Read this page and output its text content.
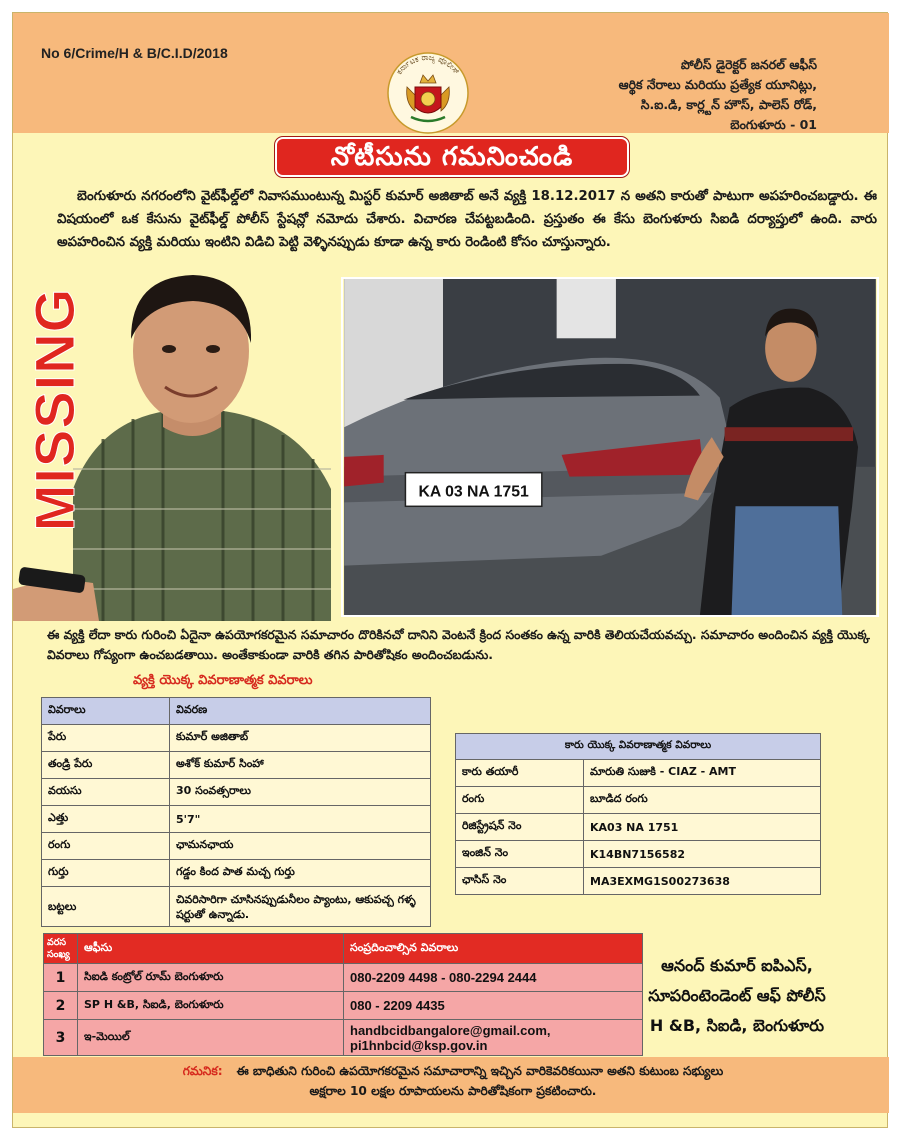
No 6/Crime/H & B/C.I.D/2018
ಕರ್ನಾಟಕ ರಾಜ್ಯ ಪೊಲೀಸ್	పోలీస్ డైరెక్టర్ జనరల్ ఆఫీస్
ఆర్థిక నేరాలు మరియు ప్రత్యేక యూనిట్లు,
సి.ఐ.డి, కార్ల్టన్ హౌస్, పాలెస్ రోడ్,
బెంగుళూరు - 01
నోటీసును గమనించండి
బెంగుళూరు నగరంలోని వైట్‌ఫీల్డ్‌లో నివాసముంటున్న మిస్టర్ కుమార్ అజితాబ్ అనే వ్యక్తి 18.12.2017 న అతని కారుతో పాటుగా అపహరించబడ్డారు. ఈ విషయంలో ఒక కేసును వైట్‌ఫీల్డ్ పోలీస్ స్టేషన్లో నమోదు చేశారు. విచారణ చేపట్టబడింది. ప్రస్తుతం ఈ కేసు బెంగుళూరు సిఐడి దర్యాప్తులో ఉంది. వారు అపహరించిన వ్యక్తి మరియు ఇంటిని విడిచి పెట్టి వెళ్ళినప్పుడు కూడా ఉన్న కారు రెండింటి కోసం చూస్తున్నారు.
MISSING	KA 03 NA 1751
ఈ వ్యక్తి లేదా కారు గురించి ఏదైనా ఉపయోగకరమైన సమాచారం దొరికినచో దానిని వెంటనే క్రింద సంతకం ఉన్న వారికి తెలియచేయవచ్చు. సమాచారం అందించిన వ్యక్తి యొక్క వివరాలు గోప్యంగా ఉంచబడతాయి. అంతేకాకుండా వారికి తగిన పారితోషికం అందించబడును.
వ్యక్తి యొక్క వివరాణాత్మక వివరాలు
వివరాలు	వివరణ
పేరు	కుమార్ అజితాబ్
తండ్రి పేరు	అశోక్ కుమార్ సింహా
వయసు	30 సంవత్సరాలు
ఎత్తు	5'7"
రంగు	ఛామనఛాయ
గుర్తు	గడ్డం కింద పాత మచ్చ గుర్తు
బట్టలు	చివరిసారిగా చూసినప్పుడునీలం ప్యాంటు, ఆకుపచ్చ గళ్ళ షర్టుతో ఉన్నాడు.
కారు యొక్క వివరాణాత్మక వివరాలు	
కారు తయారీ	మారుతి సుజుకి - CIAZ - AMT
రంగు	బూడిద రంగు
రిజిస్ట్రేషన్ నెం	KA03 NA 1751
ఇంజిన్ నెం	K14BN7156582
ఛాసిస్ నెం	MA3EXMG1S00273638
వరస సంఖ్య	ఆఫీసు	సంప్రదించాల్సిన వివరాలు
1	సిఐడి కంట్రోల్ రూమ్ బెంగుళూరు	080-2209 4498 - 080-2294 2444
2	SP H &B, సిఐడి, బెంగుళూరు	080 - 2209 4435
3	ఇ-మెయిల్	handbcidbangalore@gmail.com,
pi1hnbcid@ksp.gov.in
ఆనంద్ కుమార్ ఐపిఎస్,
సూపరింటెండెంట్ ఆఫ్ పోలీస్
H &B, సిఐడి, బెంగుళూరు
గమనిక: ఈ బాధితుని గురించి ఉపయోగకరమైన సమాచారాన్ని ఇచ్చిన వారికెవరికయినా అతని కుటుంబ సభ్యులు
అక్షరాల 10 లక్షల రూపాయలను పారితోషికంగా ప్రకటించారు.
